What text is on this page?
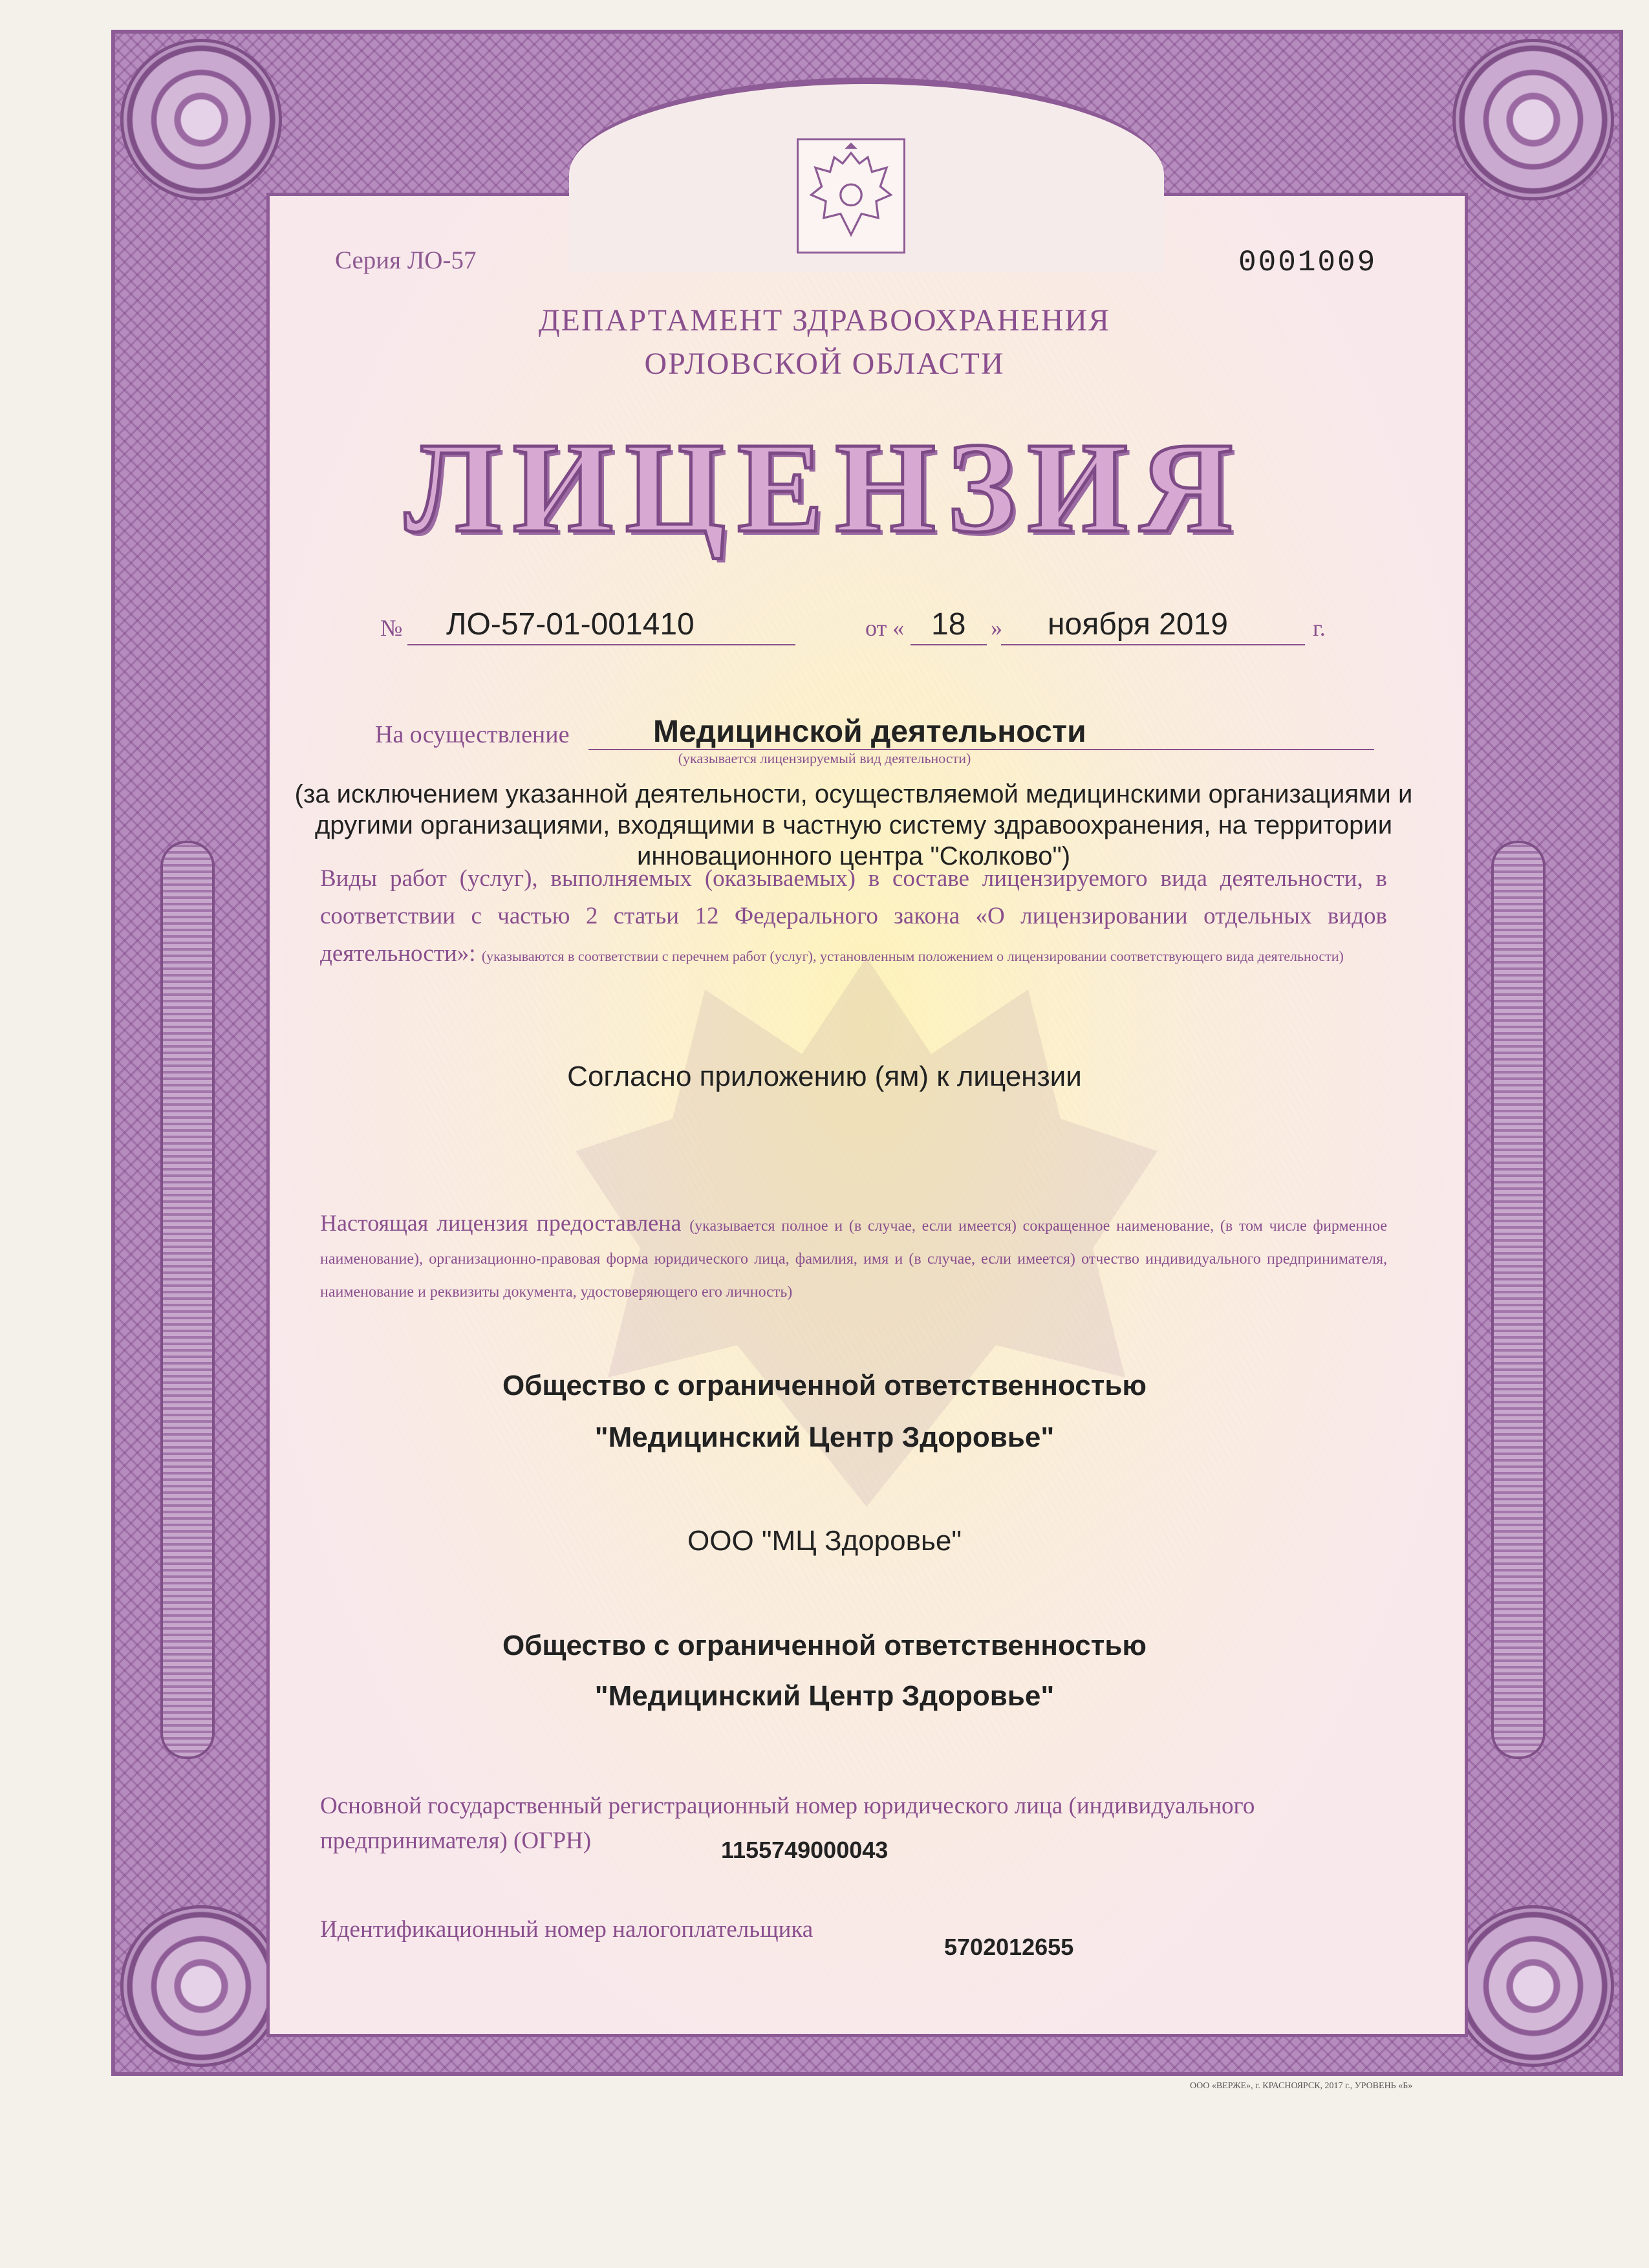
Серия ЛО-57	0001009
ДЕПАРТАМЕНТ ЗДРАВООХРАНЕНИЯ
ОРЛОВСКОЙ ОБЛАСТИ
ЛИЦЕНЗИЯ
№ ЛО-57-01-001410	от « 18 » ноября 2019	г.
На осуществление	Медицинской деятельности
(указывается лицензируемый вид деятельности)
(за исключением указанной деятельности, осуществляемой медицинскими организациями и другими организациями, входящими в частную систему здравоохранения, на территории инновационного центра "Сколково")
Виды работ (услуг), выполняемых (оказываемых) в составе лицензируемого вида деятельности, в соответствии с частью 2 статьи 12 Федерального закона «О лицензировании отдельных видов деятельности»: (указываются в соответствии с перечнем работ (услуг), установленным положением о лицензировании соответствующего вида деятельности)
Согласно приложению (ям) к лицензии
Настоящая лицензия предоставлена (указывается полное и (в случае, если имеется) сокращенное наименование, (в том числе фирменное наименование), организационно-правовая форма юридического лица, фамилия, имя и (в случае, если имеется) отчество индивидуального предпринимателя, наименование и реквизиты документа, удостоверяющего его личность)
Общество с ограниченной ответственностью
"Медицинский Центр Здоровье"
ООО "МЦ Здоровье"
Общество с ограниченной ответственностью
"Медицинский Центр Здоровье"
Основной государственный регистрационный номер юридического лица (индивидуального предпринимателя) (ОГРН)	1155749000043
Идентификационный номер налогоплательщика
5702012655
ООО «ВЕРЖЕ», г. КРАСНОЯРСК, 2017 г., УРОВЕНЬ «Б»
